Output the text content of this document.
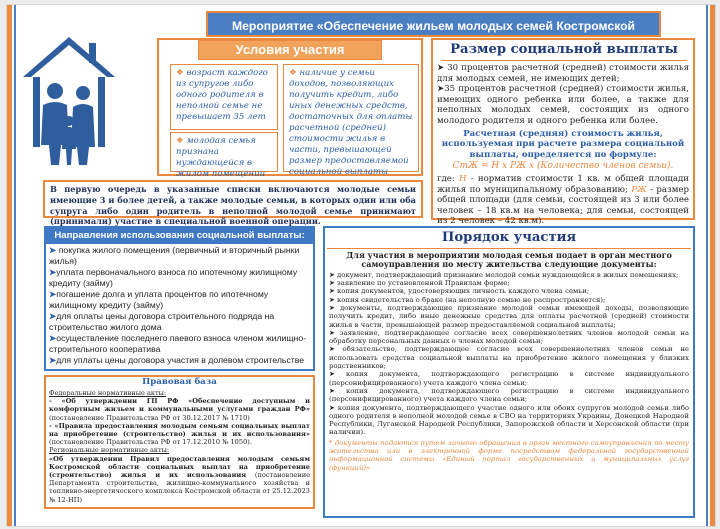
Мероприятие «Обеспечение жильем молодых семей Костромской области»
Условия участия
❖ возраст каждого из супругов либо одного родителя в неполной семье не превышает 35 лет
❖ молодая семья признана нуждающейся в жилом помещении
❖ наличие у семьи доходов, позволяющих получить кредит, либо иных денежных средств, достаточных для оплаты расчетной (средней) стоимости жилья в части, превышающей размер предоставляемой социальной выплаты
В первую очередь в указанные списки включаются молодые семьи имеющие 3 и более детей, а также молодые семьи, в которых один или оба супруга либо один родитель в неполной молодой семье принимают (принимали) участие в специальной военной операции.
Размер социальной выплаты
➤ 30 процентов расчетной (средней) стоимости жилья для молодых семей, не имеющих детей;
➤35 процентов расчетной (средней) стоимости жилья, имеющих одного ребенка или более, а также для неполных молодых семей, состоящих из одного молодого родителя и одного ребенка или более.
Расчетная (средняя) стоимость жилья, используемая при расчете размера социальной выплаты, определяется по формуле:
СтЖ = Н х РЖ х (Количество членов семьи).
где: Н - норматив стоимости 1 кв. м общей площади жилья по муниципальному образованию; РЖ - размер общей площади (для семьи, состоящей из 3 или более человек – 18 кв.м на человека; для семьи, состоящей из 2 человек – 42 кв.м).
Направления использования социальной выплаты:
➤ покупка жилого помещения (первичный и вторичный рынки жилья)
➤уплата первоначального взноса по ипотечному жилищному кредиту (займу)
➤погашение долга и уплата процентов по ипотечному жилищному кредиту (займу)
➤для оплаты цены договора строительного подряда на строительство жилого дома
➤осуществление последнего паевого взноса членом жилищно-строительного кооператива
➤для уплаты цены договора участия в долевом строительстве
Правовая база
Федеральные нормативные акты:
- «Об утверждении ГП РФ «Обеспечение доступным и комфортным жильем и коммунальными услугами граждан РФ» (постановление Правительства РФ от 30.12.2017 № 1710)
- «Правила предоставления молодым семьям социальных выплат на приобретение (строительство) жилья и их использования» (постановление Правительства РФ от 17.12.2010 № 1050).
Региональные нормативные акты:
«Об утверждении Правил предоставления молодым семьям Костромской области социальных выплат на приобретение (строительство) жилья и их использования (постановление Департамента строительства, жилищно-коммунального хозяйства и топливно-энергетического комплекса Костромской области от 25.12.2023 № 12-НП)
Порядок участия
Для участия в мероприятии молодая семья подает в орган местного самоуправления по месту жительства следующие документы:
➤ документ, подтверждающий признание молодой семьи нуждающейся в жилых помещениях;
➤ заявление по установленной Правилам форме;
➤ копия документов, удостоверяющих личность каждого члена семьи;
➤ копия свидетельства о браке (на неполную семью не распространяется);
➤ документы, подтверждающие признание молодой семьи имеющей доходы, позволяющие получить кредит, либо иные денежные средства для оплаты расчетной (средней) стоимости жилья в части, превышающей размер предоставляемой социальной выплаты;
➤ заявление, подтверждающее согласие всех совершеннолетних членов молодой семьи на обработку персональных данных о членах молодой семьи;
➤ обязательство, подтверждающее согласие всех совершеннолетних членов семьи не использовать средства социальной выплаты на приобретение жилого помещения у близких родственников;
➤ копия документа, подтверждающего регистрацию в системе индивидуального (персонифицированного) учета каждого члена семьи;
➤ копия документа, подтверждающего регистрацию в системе индивидуального (персонифицированного) учета каждого члена семьи;
➤ копия документа, подтверждающего участие одного или обоих супругов молодой семьи либо одного родителя в неполной молодой семье в СВО на территориях Украины, Донецкой Народной Республики, Луганской Народной Республики, Запорожской области и Херсонской области (при наличии).
* документы подаются путем личного обращения в орган местного самоуправления по месту жительства или в электронной форме посредством федеральной государственной информационной системы «Единый портал государственных и муниципальных услуг (функций)»
